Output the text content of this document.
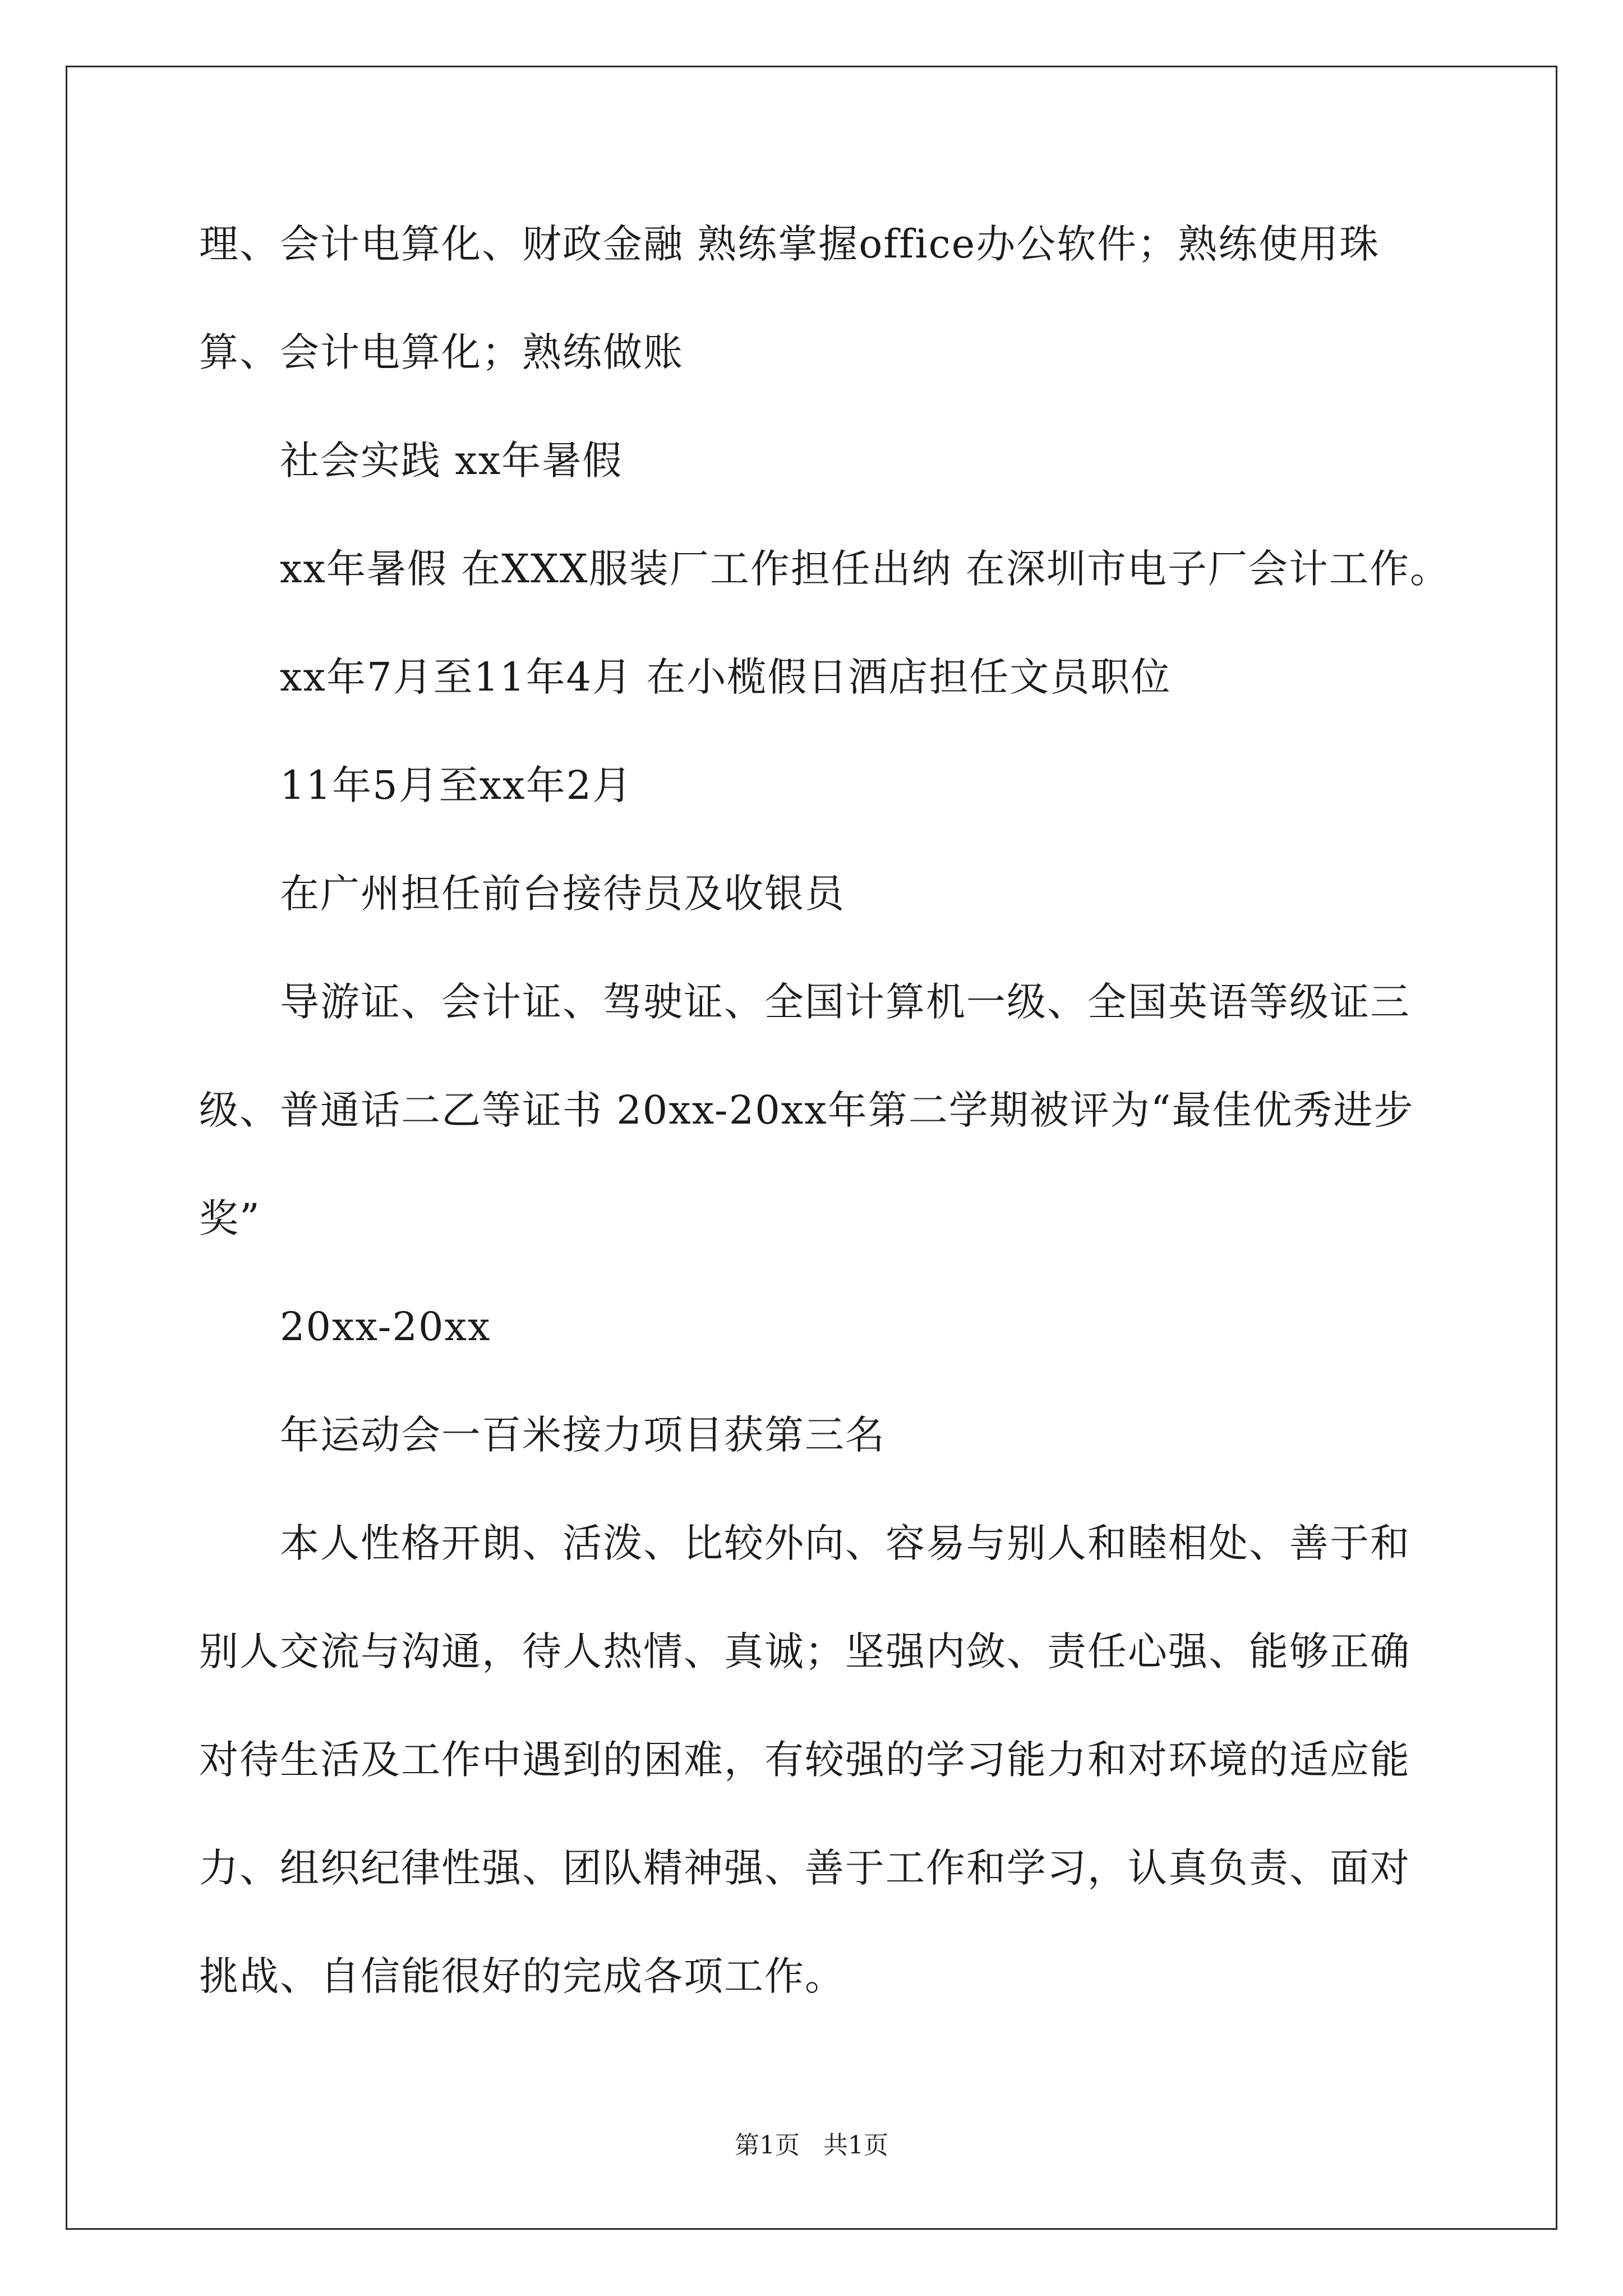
理、会计电算化、财政金融 熟练掌握office办公软件；熟练使用珠
算、会计电算化；熟练做账
社会实践 xx年暑假
xx年暑假 在XXX服装厂工作担任出纳 在深圳市电子厂会计工作。
xx年7月至11年4月 在小榄假日酒店担任文员职位
11年5月至xx年2月
在广州担任前台接待员及收银员
导游证、会计证、驾驶证、全国计算机一级、全国英语等级证三
级、普通话二乙等证书 20xx-20xx年第二学期被评为“最佳优秀进步
奖”
20xx-20xx
年运动会一百米接力项目获第三名
本人性格开朗、活泼、比较外向、容易与别人和睦相处、善于和
别人交流与沟通，待人热情、真诚；坚强内敛、责任心强、能够正确
对待生活及工作中遇到的困难，有较强的学习能力和对环境的适应能
力、组织纪律性强、团队精神强、善于工作和学习，认真负责、面对
挑战、自信能很好的完成各项工作。
第1页   共1页
